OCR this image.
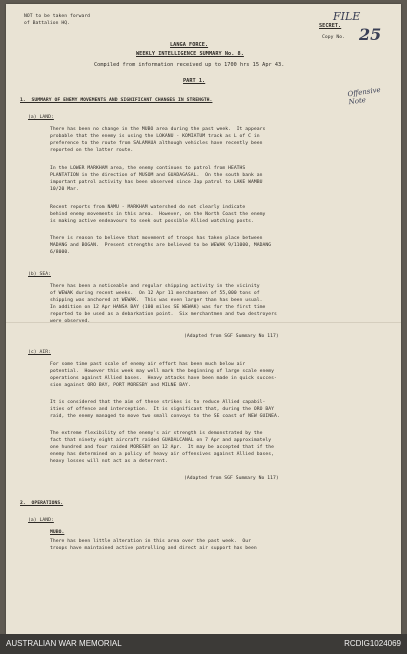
NOT to be taken forward
of Battalion HQ.
FILE
SECRET.
Copy No. 25
Offensive Note
LANGA FORCE.
WEEKLY INTELLIGENCE SUMMARY No. 8.
Compiled from information received up to 1700 hrs 15 Apr 43.
PART 1.
1.  SUMMARY OF ENEMY MOVEMENTS AND SIGNIFICANT CHANGES IN STRENGTH.
(a) LAND:
There has been no change in the MUBO area during the past week.  It appears
probable that the enemy is using the LOKANU - KOMIATUM track as L of C in
preference to the route from SALAMAUA although vehicles have recently been
reported on the latter route.
In the LOWER MARKHAM area, the enemy continues to patrol from HEATHS
PLANTATION in the direction of MUSOM and GUADAGASAL.  On the south bank an
important patrol activity has been observed since Jap patrol to LAKE WAMBU
10/20 Mar.
Recent reports from NAMU - MARKHAM watershed do not clearly indicate
behind enemy movements in this area.  However, on the North Coast the enemy
is making active endeavours to seek out possible Allied watching posts.
There is reason to believe that movement of troops has taken place between
MADANG and BOGAN.  Present strengths are believed to be WEWAK 9/11000, MADANG
6/8000.
(b) SEA:
There has been a noticeable and regular shipping activity in the vicinity
of WEWAK during recent weeks.  On 12 Apr 11 merchantmen of 55,000 tons of
shipping was anchored at WEWAK.  This was even larger than has been usual.
In addition on 12 Apr HANSA BAY (100 miles SE WEWAK) was for the first time
reported to be used as a debarkation point.  Six merchantmen and two destroyers
were observed.
(Adapted from SGF Summary No 117)
(c) AIR:
For some time past scale of enemy air effort has been much below air
potential.  However this week may well mark the beginning of large scale enemy
operations against Allied bases.  Heavy attacks have been made in quick succes-
sion against ORO BAY, PORT MORESBY and MILNE BAY.
It is considered that the aim of these strikes is to reduce Allied capabil-
ities of offence and interception.  It is significant that, during the ORO BAY
raid, the enemy managed to move two small convoys to the SE coast of NEW GUINEA.
The extreme flexibility of the enemy's air strength is demonstrated by the
fact that ninety eight aircraft raided GUADALCANAL on 7 Apr and approximately
one hundred and four raided MORESBY on 12 Apr.  It may be accepted that if the
enemy has determined on a policy of heavy air offensives against Allied bases,
heavy losses will not act as a deterrent.
(Adapted from SGF Summary No 117)
2.  OPERATIONS.
(a) LAND:
MUBO.
There has been little alteration in this area over the past week.  Our
troops have maintained active patrolling and direct air support has been
AUSTRALIAN WAR MEMORIAL	RCDIG1024069
